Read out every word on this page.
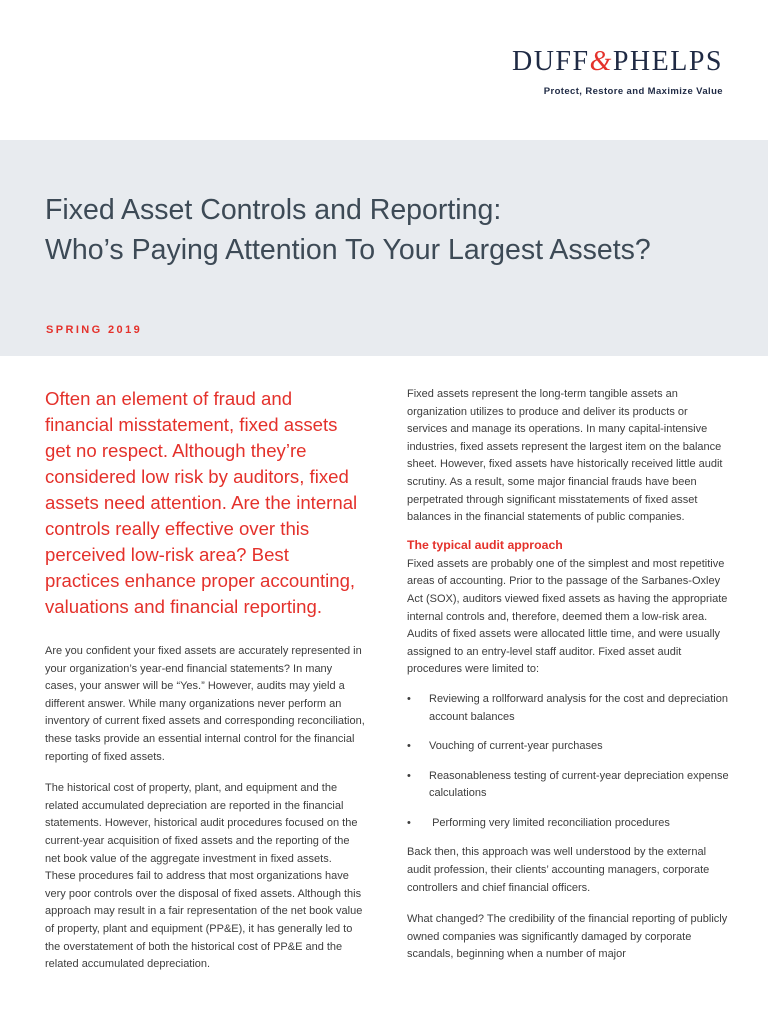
DUFF&PHELPS
Protect, Restore and Maximize Value
Fixed Asset Controls and Reporting:
Who’s Paying Attention To Your Largest Assets?
SPRING 2019

Often an element of fraud and financial misstatement, fixed assets get no respect. Although they’re considered low risk by auditors, fixed assets need attention. Are the internal controls really effective over this perceived low-risk area? Best practices enhance proper accounting, valuations and financial reporting.

Are you confident your fixed assets are accurately represented in your organization’s year-end financial statements? In many cases, your answer will be “Yes.” However, audits may yield a different answer. While many organizations never perform an inventory of current fixed assets and corresponding reconciliation, these tasks provide an essential internal control for the financial reporting of fixed assets.

The historical cost of property, plant, and equipment and the related accumulated depreciation are reported in the financial statements. However, historical audit procedures focused on the current-year acquisition of fixed assets and the reporting of the net book value of the aggregate investment in fixed assets. These procedures fail to address that most organizations have very poor controls over the disposal of fixed assets. Although this approach may result in a fair representation of the net book value of property, plant and equipment (PP&E), it has generally led to the overstatement of both the historical cost of PP&E and the related accumulated depreciation.

Fixed assets represent the long-term tangible assets an organization utilizes to produce and deliver its products or services and manage its operations. In many capital-intensive industries, fixed assets represent the largest item on the balance sheet. However, fixed assets have historically received little audit scrutiny. As a result, some major financial frauds have been perpetrated through significant misstatements of fixed asset balances in the financial statements of public companies.

The typical audit approach

Fixed assets are probably one of the simplest and most repetitive areas of accounting. Prior to the passage of the Sarbanes-Oxley Act (SOX), auditors viewed fixed assets as having the appropriate internal controls and, therefore, deemed them a low-risk area. Audits of fixed assets were allocated little time, and were usually assigned to an entry-level staff auditor. Fixed asset audit procedures were limited to:

• Reviewing a rollforward analysis for the cost and depreciation account balances
• Vouching of current-year purchases
• Reasonableness testing of current-year depreciation expense calculations
• Performing very limited reconciliation procedures

Back then, this approach was well understood by the external audit profession, their clients’ accounting managers, corporate controllers and chief financial officers.

What changed? The credibility of the financial reporting of publicly owned companies was significantly damaged by corporate scandals, beginning when a number of major
